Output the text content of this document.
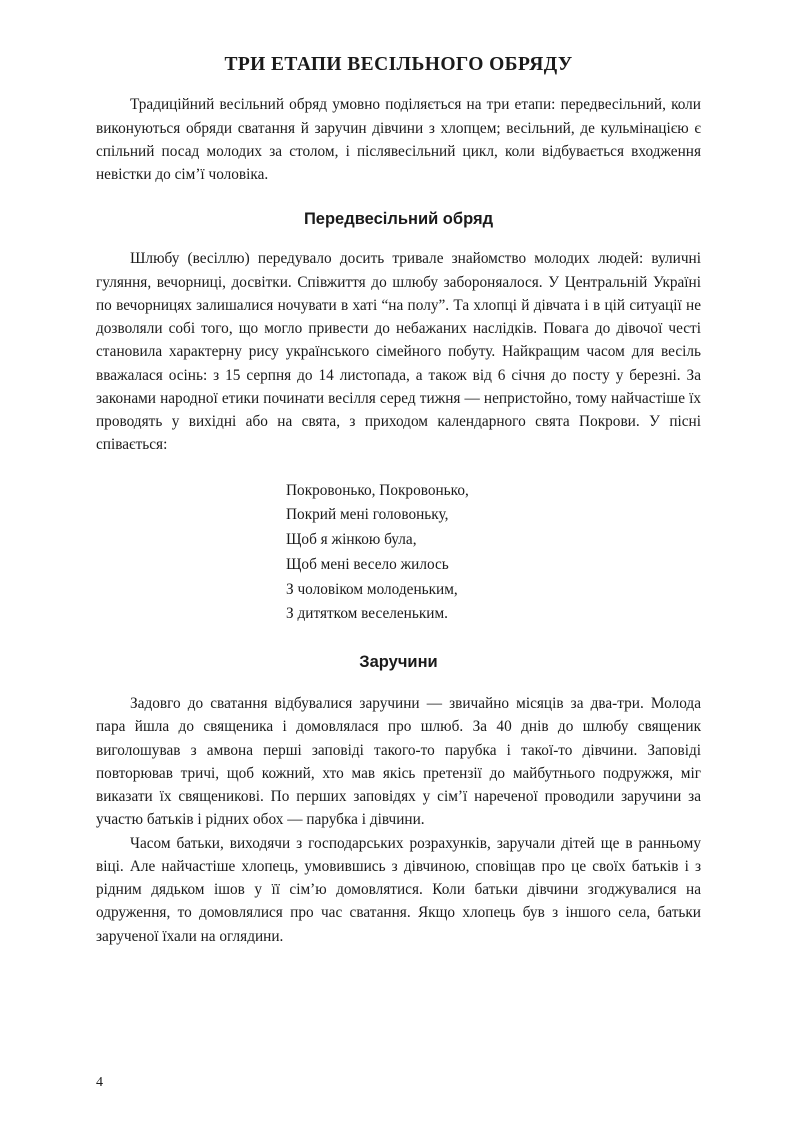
ТРИ ЕТАПИ ВЕСІЛЬНОГО ОБРЯДУ

Традиційний весільний обряд умовно поділяється на три етапи: передвесільний, коли виконуються обряди сватання й заручин дівчини з хлопцем; весільний, де кульмінацією є спільний посад молодих за столом, і післявесільний цикл, коли відбувається входження невістки до сім’ї чоловіка.

Передвесільний обряд

Шлюбу (весіллю) передувало досить тривале знайомство молодих людей: вуличні гуляння, вечорниці, досвітки. Співжиття до шлюбу забороняалося. У Центральній Україні по вечорницях залишалися ночувати в хаті “на полу”. Та хлопці й дівчата і в цій ситуації не дозволяли собі того, що могло привести до небажаних наслідків. Повага до дівочої честі становила характерну рису українського сімейного побуту. Найкращим часом для весіль вважалася осінь: з 15 серпня до 14 листопада, а також від 6 січня до посту у березні. За законами народної етики починати весілля серед тижня — непристойно, тому найчастіше їх проводять у вихідні або на свята, з приходом календарного свята Покрови. У пісні співається:

Покровонько, Покровонько,
Покрий мені головоньку,
Щоб я жінкою була,
Щоб мені весело жилось
З чоловіком молоденьким,
З дитятком веселеньким.
Заручини

Задовго до сватання відбувалися заручини — звичайно місяців за два-три. Молода пара йшла до священика і домовлялася про шлюб. За 40 днів до шлюбу священик виголошував з амвона перші заповіді такого-то парубка і такої-то дівчини. Заповіді повторював тричі, щоб кожний, хто мав якісь претензії до майбутнього подружжя, міг виказати їх священикові. По перших заповідях у сім’ї нареченої проводили заручини за участю батьків і рідних обох — парубка і дівчини.

Часом батьки, виходячи з господарських розрахунків, заручали дітей ще в ранньому віці. Але найчастіше хлопець, умовившись з дівчиною, сповіщав про це своїх батьків і з рідним дядьком ішов у її сім’ю домовлятися. Коли батьки дівчини згоджувалися на одруження, то домовлялися про час сватання. Якщо хлопець був з іншого села, батьки зарученої їхали на оглядини.

4
